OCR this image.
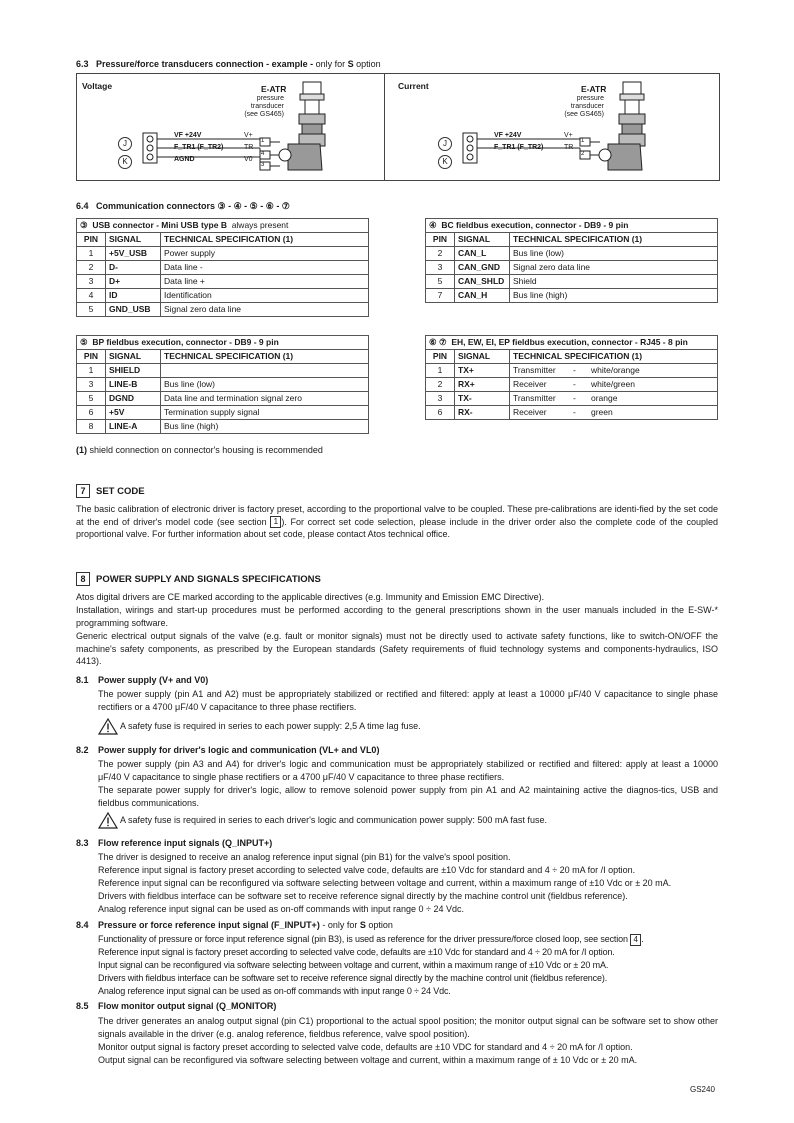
6.3 Pressure/force transducers connection - example - only for S option
Voltage	E-ATR
pressure
transducer
(see GS465)
J
K
VF +24V
F_TR1 (F_TR2)
AGND
V+
TR
V0
1
4
3
Current	E-ATR
pressure
transducer
(see GS465)
J
K
VF +24V
F_TR1 (F_TR2)
V+
TR
1
2
6.4 Communication connectors ③ - ④ - ⑤ - ⑥ - ⑦
③ USB connector - Mini USB type B always present		
PIN	SIGNAL	TECHNICAL SPECIFICATION (1)
1	+5V_USB	Power supply
2	D-	Data line -
3	D+	Data line +
4	ID	Identification
5	GND_USB	Signal zero data line
④ BC fieldbus execution, connector - DB9 - 9 pin		
PIN	SIGNAL	TECHNICAL SPECIFICATION (1)
2	CAN_L	Bus line (low)
3	CAN_GND	Signal zero data line
5	CAN_SHLD	Shield
7	CAN_H	Bus line (high)
⑤ BP fieldbus execution, connector - DB9 - 9 pin		
PIN	SIGNAL	TECHNICAL SPECIFICATION (1)
1	SHIELD	
3	LINE-B	Bus line (low)
5	DGND	Data line and termination signal zero
6	+5V	Termination supply signal
8	LINE-A	Bus line (high)
⑥ ⑦ EH, EW, EI, EP fieldbus execution, connector - RJ45 - 8 pin		
PIN	SIGNAL	TECHNICAL SPECIFICATION (1)
1	TX+	Transmitter - white/orange
2	RX+	Receiver - white/green
3	TX-	Transmitter - orange
6	RX-	Receiver - green
(1) shield connection on connector's housing is recommended
7 SET CODE

The basic calibration of electronic driver is factory preset, according to the proportional valve to be coupled. These pre-calibrations are identi-fied by the set code at the end of driver's model code (see section 1 ). For correct set code selection, please include in the driver order also the complete code of the coupled proportional valve. For further information about set code, please contact Atos technical office.

8 POWER SUPPLY AND SIGNALS SPECIFICATIONS

Atos digital drivers are CE marked according to the applicable directives (e.g. Immunity and Emission EMC Directive).

Installation, wirings and start-up procedures must be performed according to the general prescriptions shown in the user manuals included in the E-SW-* programming software.

Generic electrical output signals of the valve (e.g. fault or monitor signals) must not be directly used to activate safety functions, like to switch-ON/OFF the machine's safety components, as prescribed by the European standards (Safety requirements of fluid technology systems and components-hydraulics, ISO 4413).

8.1 Power supply (V+ and V0)

The power supply (pin A1 and A2) must be appropriately stabilized or rectified and filtered: apply at least a 10000 μF/40 V capacitance to single phase rectifiers or a 4700 μF/40 V capacitance to three phase rectifiers.

A safety fuse is required in series to each power supply: 2,5 A time lag fuse.
8.2 Power supply for driver's logic and communication (VL+ and VL0)

The power supply (pin A3 and A4) for driver's logic and communication must be appropriately stabilized or rectified and filtered: apply at least a 10000 μF/40 V capacitance to single phase rectifiers or a 4700 μF/40 V capacitance to three phase rectifiers.

The separate power supply for driver's logic, allow to remove solenoid power supply from pin A1 and A2 maintaining active the diagnos-tics, USB and fieldbus communications.

A safety fuse is required in series to each driver's logic and communication power supply: 500 mA fast fuse.
8.3 Flow reference input signals (Q_INPUT+)

The driver is designed to receive an analog reference input signal (pin B1) for the valve's spool position.

Reference input signal is factory preset according to selected valve code, defaults are ±10 Vdc for standard and 4 ÷ 20 mA for /I option.

Reference input signal can be reconfigured via software selecting between voltage and current, within a maximum range of ±10 Vdc or ± 20 mA.

Drivers with fieldbus interface can be software set to receive reference signal directly by the machine control unit (fieldbus reference).

Analog reference input signal can be used as on-off commands with input range 0 ÷ 24 Vdc.

8.4 Pressure or force reference input signal (F_INPUT+) - only for S option

Functionality of pressure or force input reference signal (pin B3), is used as reference for the driver pressure/force closed loop, see section 4 .

Reference input signal is factory preset according to selected valve code, defaults are ±10 Vdc for standard and 4 ÷ 20 mA for /I option.

Input signal can be reconfigured via software selecting between voltage and current, within a maximum range of ±10 Vdc or ± 20 mA.

Drivers with fieldbus interface can be software set to receive reference signal directly by the machine control unit (fieldbus reference).

Analog reference input signal can be used as on-off commands with input range 0 ÷ 24 Vdc.

8.5 Flow monitor output signal (Q_MONITOR)

The driver generates an analog output signal (pin C1) proportional to the actual spool position; the monitor output signal can be software set to show other signals available in the driver (e.g. analog reference, fieldbus reference, valve spool position).

Monitor output signal is factory preset according to selected valve code, defaults are ±10 VDC for standard and 4 ÷ 20 mA for /I option.

Output signal can be reconfigured via software selecting between voltage and current, within a maximum range of ± 10 Vdc or ± 20 mA.

GS240
